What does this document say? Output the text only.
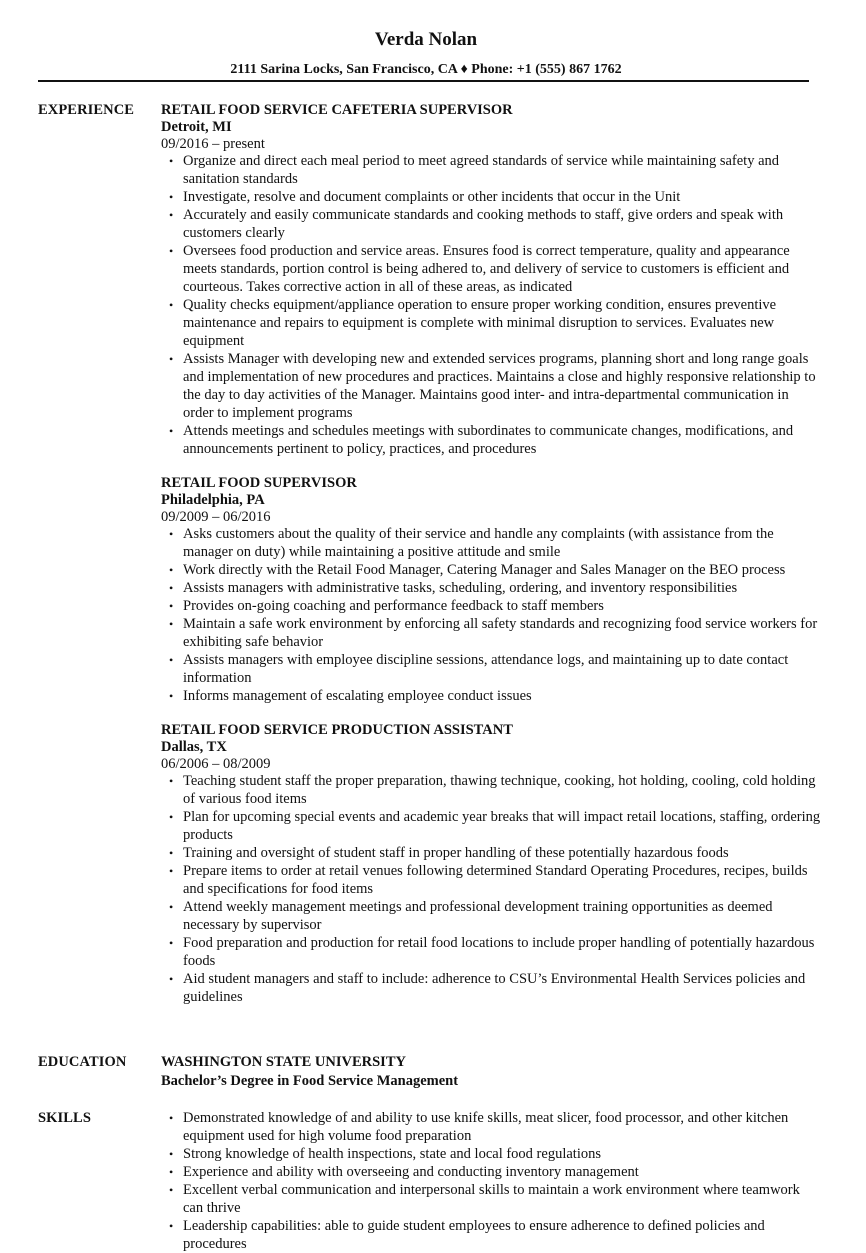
Verda Nolan
2111 Sarina Locks, San Francisco, CA ♦ Phone: +1 (555) 867 1762
EXPERIENCE RETAIL FOOD SERVICE CAFETERIA SUPERVISOR
Detroit, MI
09/2016 – present
• Organize and direct each meal period to meet agreed standards of service while maintaining safety and sanitation standards
• Investigate, resolve and document complaints or other incidents that occur in the Unit
• Accurately and easily communicate standards and cooking methods to staff, give orders and speak with customers clearly
• Oversees food production and service areas. Ensures food is correct temperature, quality and appearance meets standards, portion control is being adhered to, and delivery of service to customers is efficient and courteous. Takes corrective action in all of these areas, as indicated
• Quality checks equipment/appliance operation to ensure proper working condition, ensures preventive maintenance and repairs to equipment is complete with minimal disruption to services. Evaluates new equipment
• Assists Manager with developing new and extended services programs, planning short and long range goals and implementation of new procedures and practices. Maintains a close and highly responsive relationship to the day to day activities of the Manager. Maintains good inter- and intra-departmental communication in order to implement programs
• Attends meetings and schedules meetings with subordinates to communicate changes, modifications, and announcements pertinent to policy, practices, and procedures
RETAIL FOOD SUPERVISOR
Philadelphia, PA
09/2009 – 06/2016
• Asks customers about the quality of their service and handle any complaints (with assistance from the manager on duty) while maintaining a positive attitude and smile
• Work directly with the Retail Food Manager, Catering Manager and Sales Manager on the BEO process
• Assists managers with administrative tasks, scheduling, ordering, and inventory responsibilities
• Provides on-going coaching and performance feedback to staff members
• Maintain a safe work environment by enforcing all safety standards and recognizing food service workers for exhibiting safe behavior
• Assists managers with employee discipline sessions, attendance logs, and maintaining up to date contact information
• Informs management of escalating employee conduct issues
RETAIL FOOD SERVICE PRODUCTION ASSISTANT
Dallas, TX
06/2006 – 08/2009
• Teaching student staff the proper preparation, thawing technique, cooking, hot holding, cooling, cold holding of various food items
• Plan for upcoming special events and academic year breaks that will impact retail locations, staffing, ordering products
• Training and oversight of student staff in proper handling of these potentially hazardous foods
• Prepare items to order at retail venues following determined Standard Operating Procedures, recipes, builds and specifications for food items
• Attend weekly management meetings and professional development training opportunities as deemed necessary by supervisor
• Food preparation and production for retail food locations to include proper handling of potentially hazardous foods
• Aid student managers and staff to include: adherence to CSU’s Environmental Health Services policies and guidelines
EDUCATION WASHINGTON STATE UNIVERSITY
Bachelor’s Degree in Food Service Management
SKILLS	• Demonstrated knowledge of and ability to use knife skills, meat slicer, food processor, and other kitchen equipment used for high volume food preparation
• Strong knowledge of health inspections, state and local food regulations
• Experience and ability with overseeing and conducting inventory management
• Excellent verbal communication and interpersonal skills to maintain a work environment where teamwork can thrive
• Leadership capabilities: able to guide student employees to ensure adherence to defined policies and procedures
